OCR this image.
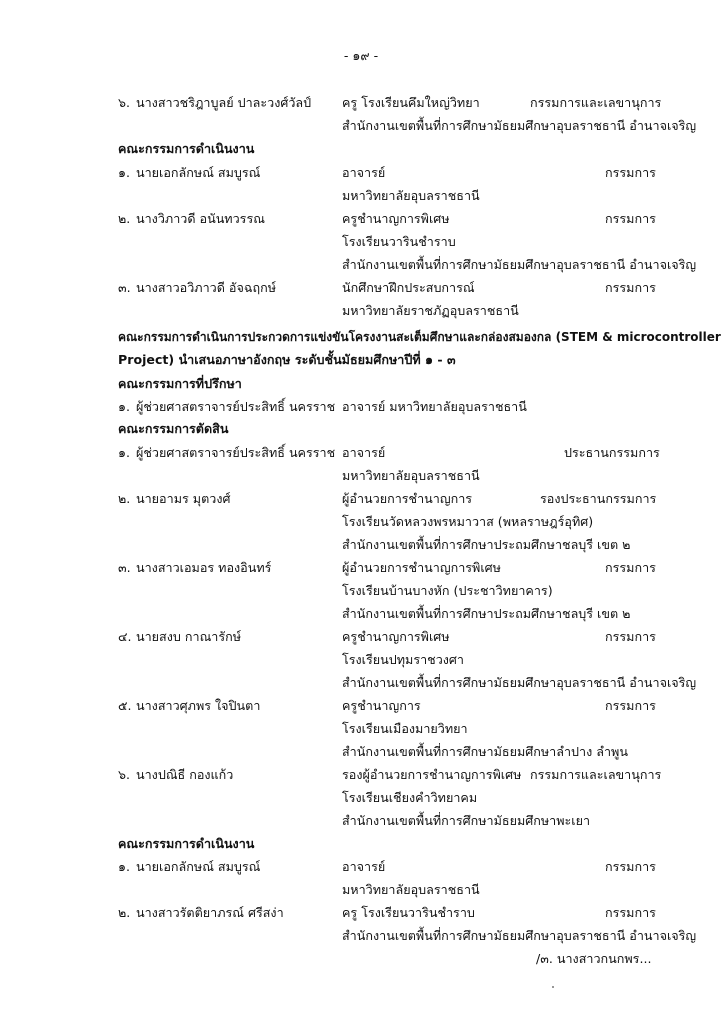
- ๑๙ -
๖. นางสาวชริฎาบูลย์ ปาละวงศ์วัลป์ ครู โรงเรียนคึมใหญ่วิทยา	กรรมการและเลขานุการ
สำนักงานเขตพื้นที่การศึกษามัธยมศึกษาอุบลราชธานี อำนาจเจริญ
คณะกรรมการดำเนินงาน
๑. นายเอกลักษณ์ สมบูรณ์	อาจารย์	กรรมการ
มหาวิทยาลัยอุบลราชธานี
๒. นางวิภาวดี อนันทวรรณ	ครูชำนาญการพิเศษ	กรรมการ
โรงเรียนวารินชำราบ
สำนักงานเขตพื้นที่การศึกษามัธยมศึกษาอุบลราชธานี อำนาจเจริญ
๓. นางสาวอวิภาวดี อัจฉฤกษ์	นักศึกษาฝึกประสบการณ์	กรรมการ
มหาวิทยาลัยราชภัฏอุบลราชธานี
คณะกรรมการดำเนินการประกวดการแข่งขันโครงงานสะเต็มศึกษาและกล่องสมองกล (STEM & microcontroller
Project) นำเสนอภาษาอังกฤษ ระดับชั้นมัธยมศึกษาปีที่ ๑ - ๓
คณะกรรมการที่ปรึกษา
๑. ผู้ช่วยศาสตราจารย์ประสิทธิ์ นครราช อาจารย์ มหาวิทยาลัยอุบลราชธานี
คณะกรรมการตัดสิน
๑. ผู้ช่วยศาสตราจารย์ประสิทธิ์ นครราช อาจารย์	ประธานกรรมการ
มหาวิทยาลัยอุบลราชธานี
๒. นายอามร มุตวงศ์	ผู้อำนวยการชำนาญการ	รองประธานกรรมการ
โรงเรียนวัดหลวงพรหมาวาส (พหลราษฎร์อุทิศ)
สำนักงานเขตพื้นที่การศึกษาประถมศึกษาชลบุรี เขต ๒
๓. นางสาวเอมอร ทองอินทร์	ผู้อำนวยการชำนาญการพิเศษ	กรรมการ
โรงเรียนบ้านบางหัก (ประชาวิทยาคาร)
สำนักงานเขตพื้นที่การศึกษาประถมศึกษาชลบุรี เขต ๒
๔. นายสงบ กาณารักษ์	ครูชำนาญการพิเศษ	กรรมการ
โรงเรียนปทุมราชวงศา
สำนักงานเขตพื้นที่การศึกษามัธยมศึกษาอุบลราชธานี อำนาจเจริญ
๕. นางสาวศุภพร ใจปินตา	ครูชำนาญการ	กรรมการ
โรงเรียนเมืองมายวิทยา
สำนักงานเขตพื้นที่การศึกษามัธยมศึกษาลำปาง ลำพูน
๖. นางปณิธี กองแก้ว	รองผู้อำนวยการชำนาญการพิเศษ กรรมการและเลขานุการ
โรงเรียนเชียงคำวิทยาคม
สำนักงานเขตพื้นที่การศึกษามัธยมศึกษาพะเยา
คณะกรรมการดำเนินงาน
๑. นายเอกลักษณ์ สมบูรณ์	อาจารย์	กรรมการ
มหาวิทยาลัยอุบลราชธานี
๒. นางสาวรัตติยาภรณ์ ศรีสง่า	ครู โรงเรียนวารินชำราบ	กรรมการ
สำนักงานเขตพื้นที่การศึกษามัธยมศึกษาอุบลราชธานี อำนาจเจริญ
/๓. นางสาวกนกพร...
